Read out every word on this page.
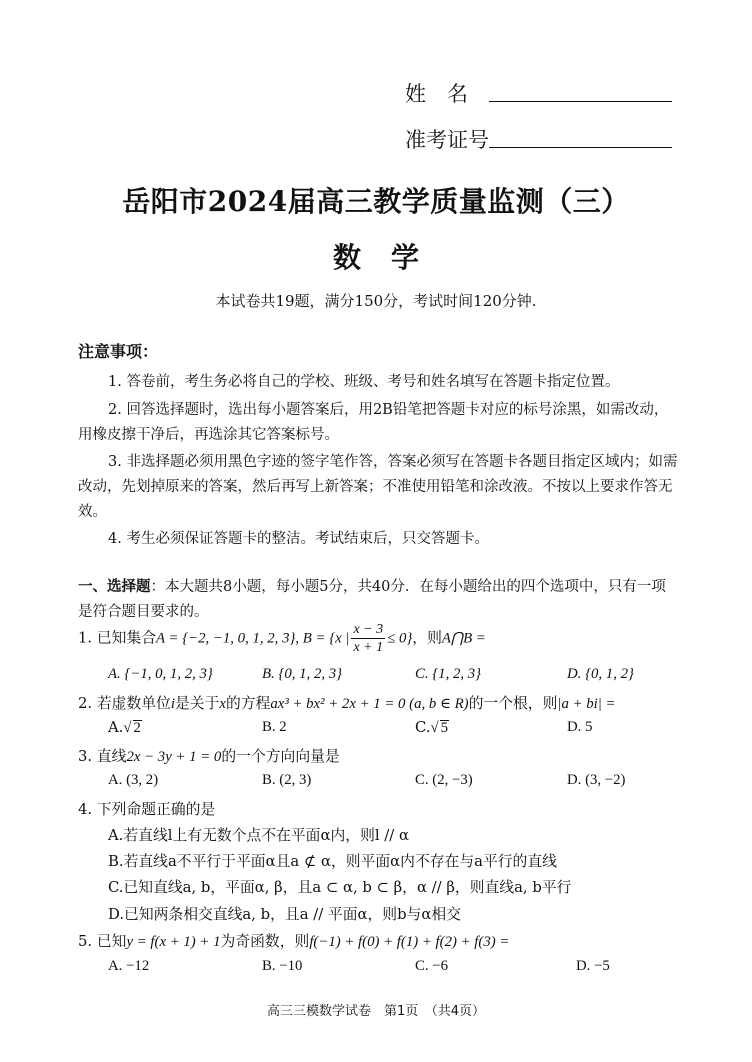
姓　名
准考证号
岳阳市2024届高三教学质量监测（三）
数学
本试卷共19题，满分150分，考试时间120分钟.
注意事项：
1. 答卷前，考生务必将自己的学校、班级、考号和姓名填写在答题卡指定位置。
2. 回答选择题时，选出每小题答案后，用2B铅笔把答题卡对应的标号涂黑，如需改动，用橡皮擦干净后，再选涂其它答案标号。
3. 非选择题必须用黑色字迹的签字笔作答，答案必须写在答题卡各题目指定区域内；如需改动，先划掉原来的答案，然后再写上新答案；不准使用铅笔和涂改液。不按以上要求作答无效。
4. 考生必须保证答题卡的整洁。考试结束后，只交答题卡。
一、选择题：本大题共8小题，每小题5分，共40分．在每小题给出的四个选项中，只有一项是符合题目要求的。
1. 已知集合A = {−2, −1, 0, 1, 2, 3}, B = {x | $\frac{x - 3}{x + 1} \le 0$}，则A⋂B =
A. {−1, 0, 1, 2, 3}	B. {0, 1, 2, 3}	C. {1, 2, 3}	D. {0, 1, 2}
2. 若虚数单位i是关于x的方程ax³ + bx² + 2x + 1 = 0 (a, b ∈ R)的一个根，则|a + bi| =
A.√ 2	B. 2	C.√ 5	D. 5
3. 直线2x − 3y + 1 = 0的一个方向向量是
A. (3, 2)	B. (2, 3)	C. (2, −3)	D. (3, −2)
4. 下列命题正确的是
A.若直线l上有无数个点不在平面α内，则l // α
B.若直线a不平行于平面α且a ⊄ α，则平面α内不存在与a平行的直线
C.已知直线a, b，平面α, β，且a ⊂ α, b ⊂ β，α // β，则直线a, b平行
D.已知两条相交直线a, b，且a // 平面α，则b与α相交
5. 已知y = f(x + 1) + 1为奇函数，则f(−1) + f(0) + f(1) + f(2) + f(3) =
A. −12	B. −10	C. −6	D. −5
高三三模数学试卷　第1页　（共4页）
